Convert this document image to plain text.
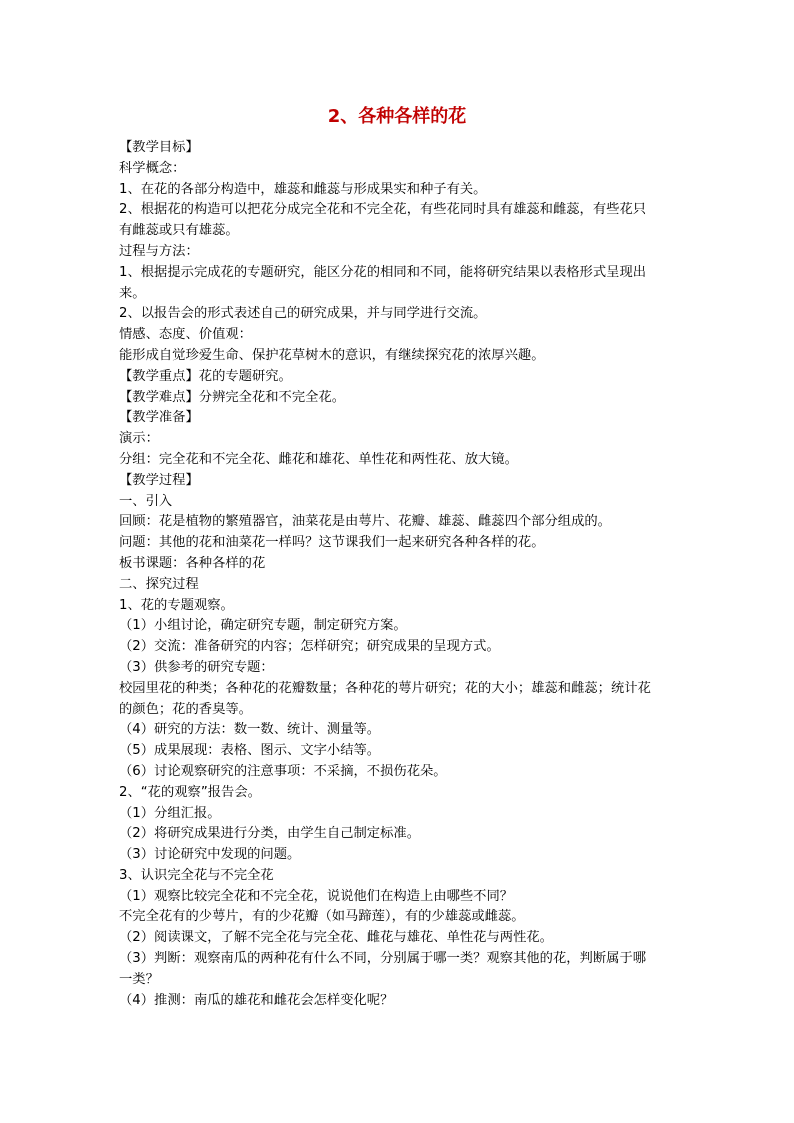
2、各种各样的花
【教学目标】
科学概念：
1、在花的各部分构造中，雄蕊和雌蕊与形成果实和种子有关。
2、根据花的构造可以把花分成完全花和不完全花，有些花同时具有雄蕊和雌蕊，有些花只
有雌蕊或只有雄蕊。
过程与方法：
1、根据提示完成花的专题研究，能区分花的相同和不同，能将研究结果以表格形式呈现出
来。
2、以报告会的形式表述自己的研究成果，并与同学进行交流。
情感、态度、价值观：
能形成自觉珍爱生命、保护花草树木的意识，有继续探究花的浓厚兴趣。
【教学重点】花的专题研究。
【教学难点】分辨完全花和不完全花。
【教学准备】
演示：
分组：完全花和不完全花、雌花和雄花、单性花和两性花、放大镜。
【教学过程】
一、引入
回顾：花是植物的繁殖器官，油菜花是由萼片、花瓣、雄蕊、雌蕊四个部分组成的。
问题：其他的花和油菜花一样吗？这节课我们一起来研究各种各样的花。
板书课题：各种各样的花
二、探究过程
1、花的专题观察。
（1）小组讨论，确定研究专题，制定研究方案。
（2）交流：准备研究的内容；怎样研究；研究成果的呈现方式。
（3）供参考的研究专题：
校园里花的种类；各种花的花瓣数量；各种花的萼片研究；花的大小；雄蕊和雌蕊；统计花
的颜色；花的香臭等。
（4）研究的方法：数一数、统计、测量等。
（5）成果展现：表格、图示、文字小结等。
（6）讨论观察研究的注意事项：不采摘，不损伤花朵。
2、“花的观察”报告会。
（1）分组汇报。
（2）将研究成果进行分类，由学生自己制定标准。
（3）讨论研究中发现的问题。
3、认识完全花与不完全花
（1）观察比较完全花和不完全花，说说他们在构造上由哪些不同？
不完全花有的少萼片，有的少花瓣（如马蹄莲），有的少雄蕊或雌蕊。
（2）阅读课文，了解不完全花与完全花、雌花与雄花、单性花与两性花。
（3）判断：观察南瓜的两种花有什么不同，分别属于哪一类？观察其他的花，判断属于哪
一类？
（4）推测：南瓜的雄花和雌花会怎样变化呢？
